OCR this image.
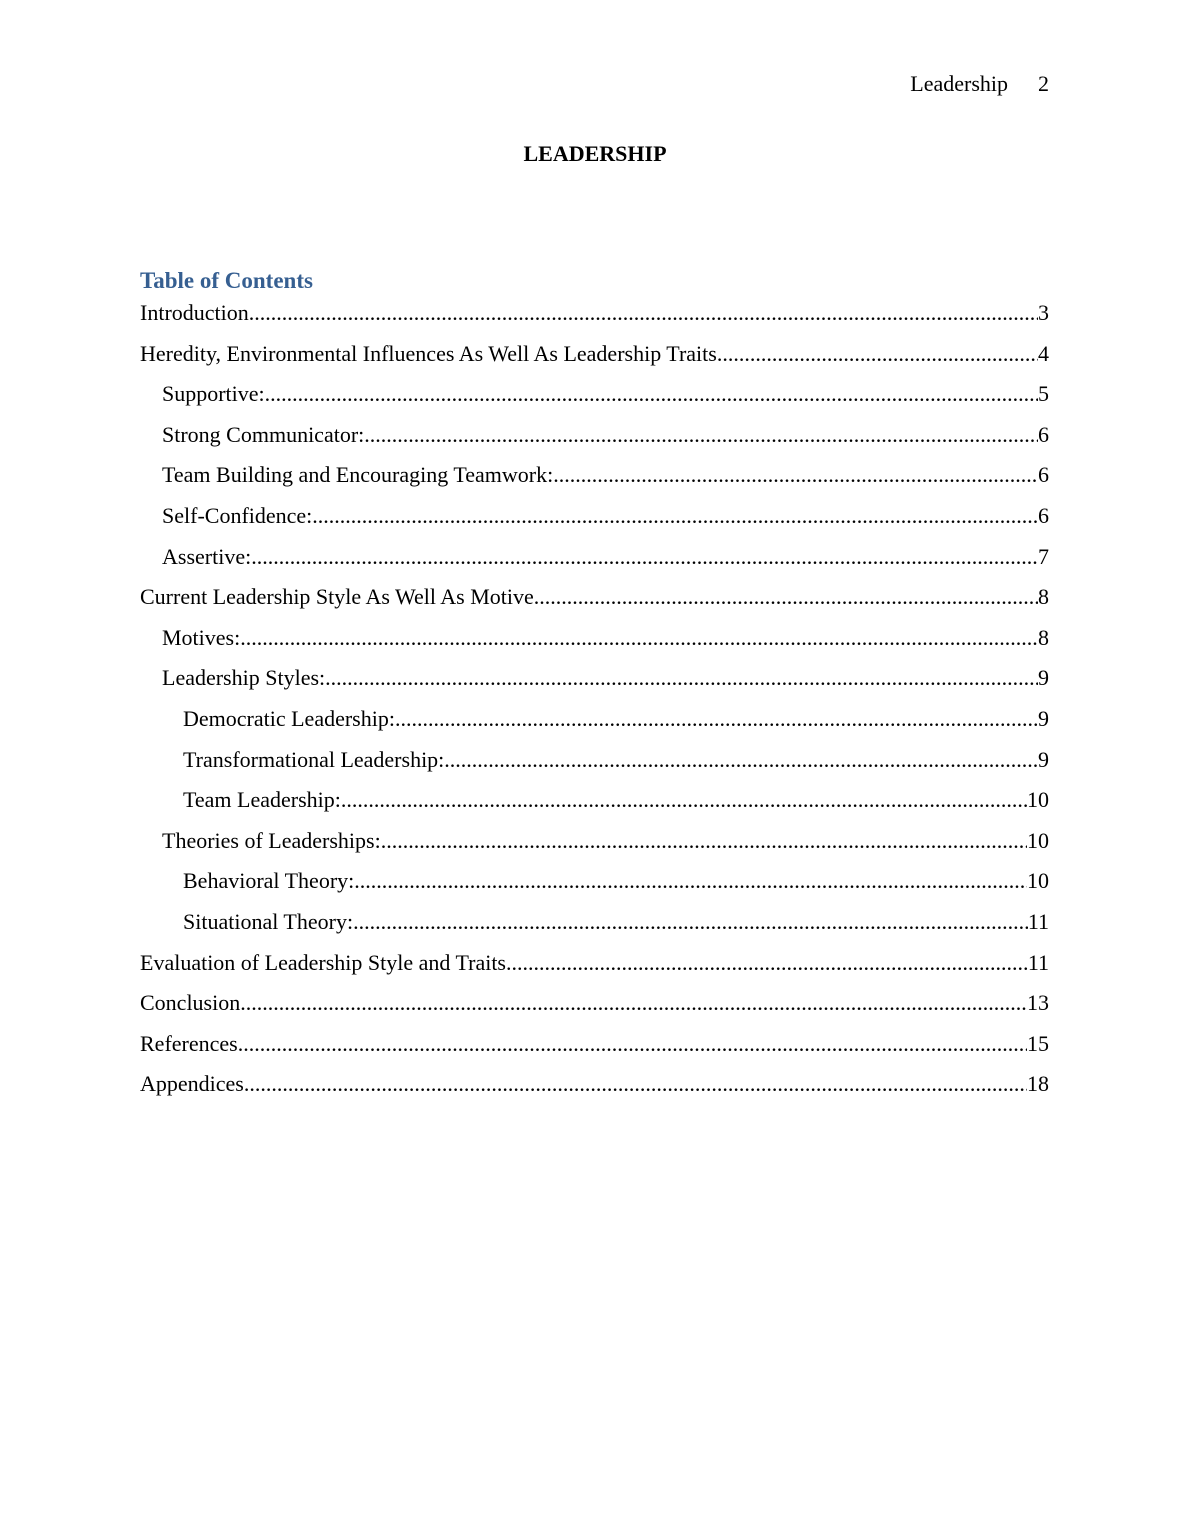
Leadership 2
LEADERSHIP
Table of Contents
Introduction .....	3
Heredity, Environmental Influences As Well As Leadership Traits .....	4
Supportive: .....	5
Strong Communicator: .....	6
Team Building and Encouraging Teamwork: .....	6
Self-Confidence: .....	6
Assertive: .....	7
Current Leadership Style As Well As Motive .....	8
Motives: .....	8
Leadership Styles: .....	9
Democratic Leadership: .....	9
Transformational Leadership: .....	9
Team Leadership: .....	10
Theories of Leaderships: .....	10
Behavioral Theory: .....	10
Situational Theory: .....	11
Evaluation of Leadership Style and Traits .....	11
Conclusion .....	13
References .....	15
Appendices .....	18
